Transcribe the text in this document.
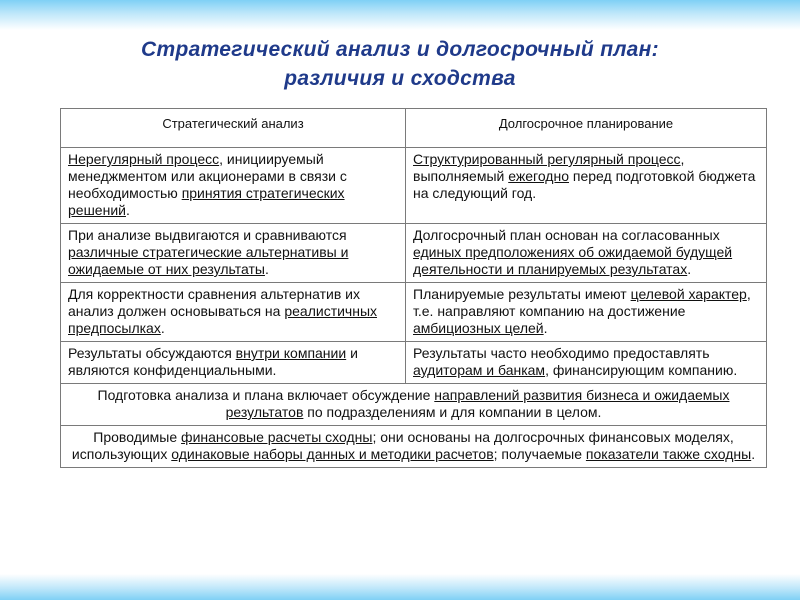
Стратегический анализ и долгосрочный план:
различия и сходства
Стратегический анализ	Долгосрочное планирование
Нерегулярный процесс, инициируемый менеджментом или акционерами в связи с необходимостью принятия стратегических решений.	Структурированный регулярный процесс, выполняемый ежегодно перед подготовкой бюджета на следующий год.
При анализе выдвигаются и сравниваются различные стратегические альтернативы и ожидаемые от них результаты.	Долгосрочный план основан на согласованных единых предположениях об ожидаемой будущей деятельности и планируемых результатах.
Для корректности сравнения альтернатив их анализ должен основываться на реалистичных предпосылках.	Планируемые результаты имеют целевой характер, т.е. направляют компанию на достижение амбициозных целей.
Результаты обсуждаются внутри компании и являются конфиденциальными.	Результаты часто необходимо предоставлять аудиторам и банкам, финансирующим компанию.
Подготовка анализа и плана включает обсуждение направлений развития бизнеса и ожидаемых результатов по подразделениям и для компании в целом.	
Проводимые финансовые расчеты сходны; они основаны на долгосрочных финансовых моделях, использующих одинаковые наборы данных и методики расчетов; получаемые показатели также сходны.	
